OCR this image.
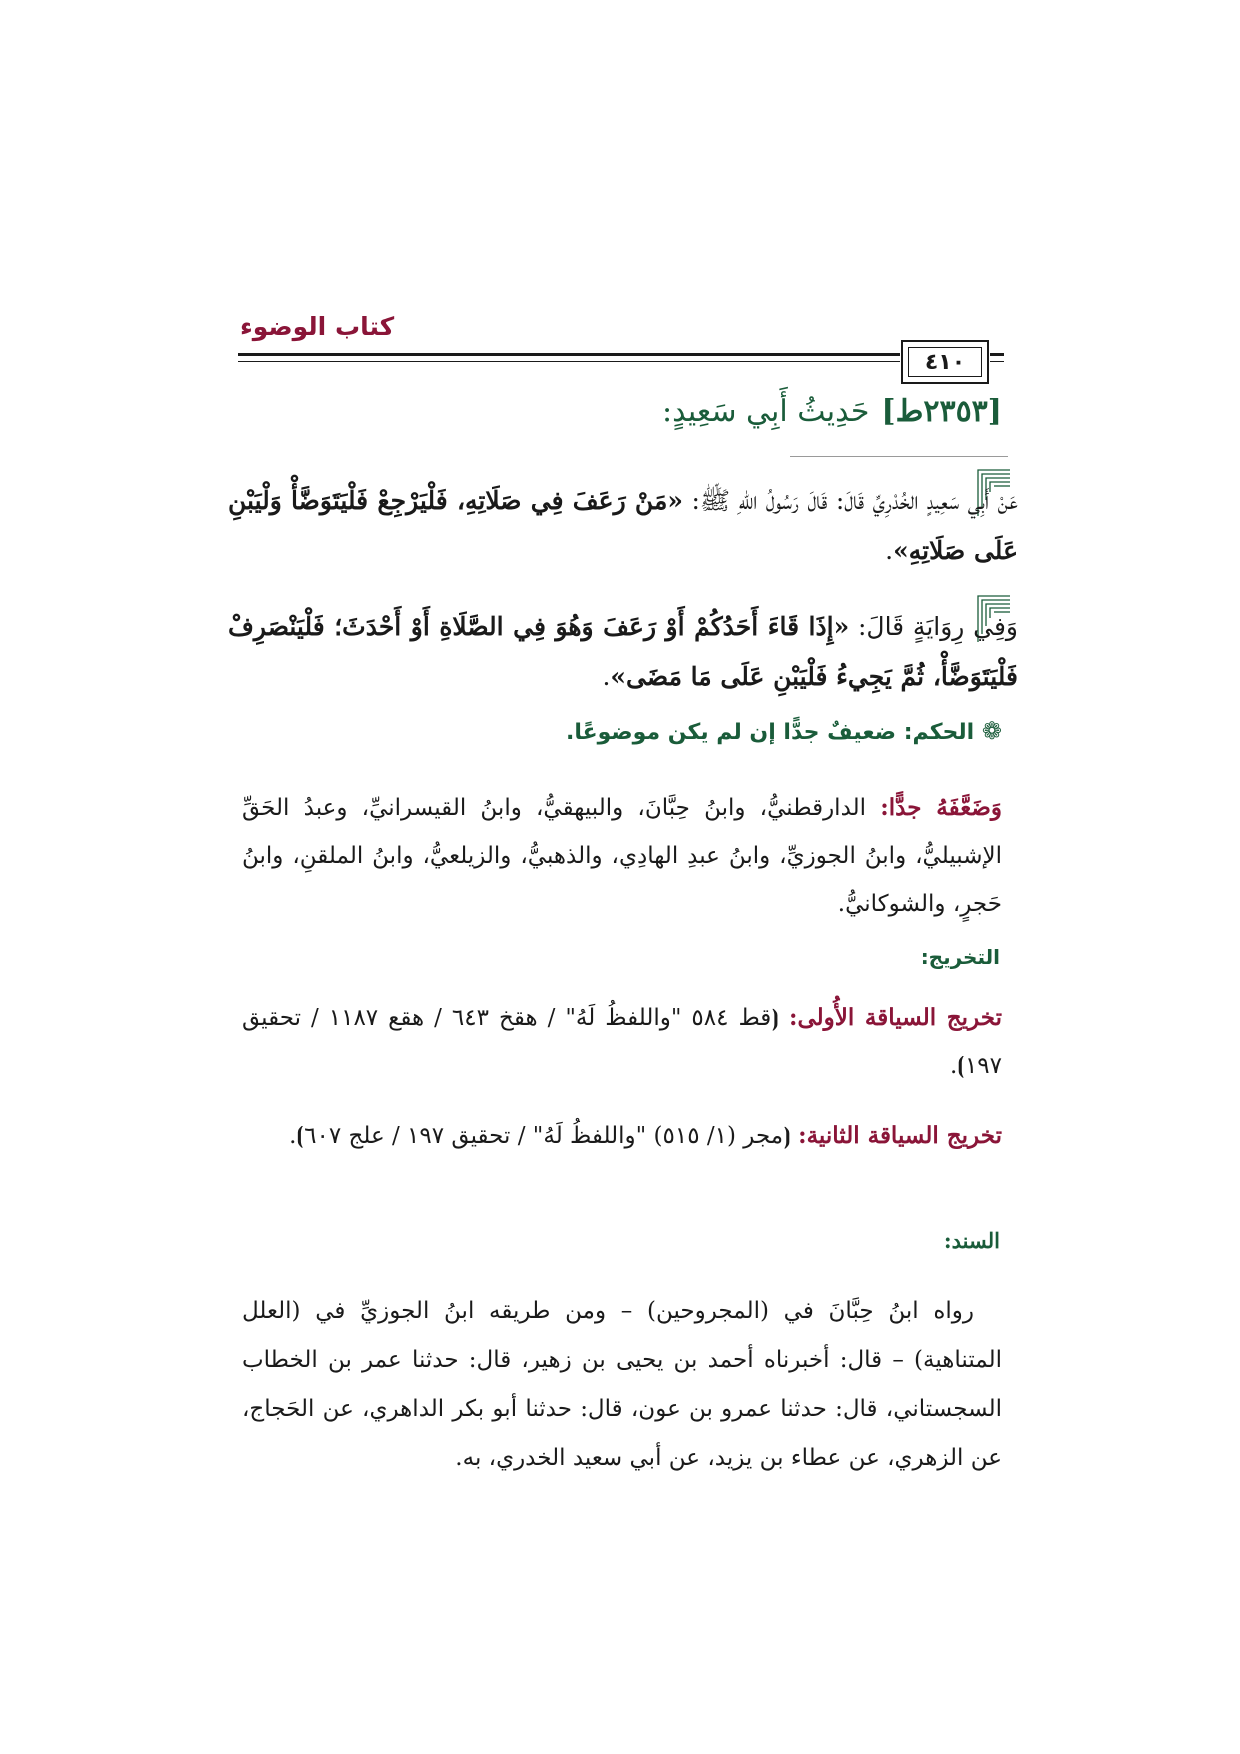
كتاب الوضوء
٤١٠
[٢٣٥٣ط]حَدِيثُ أَبِي سَعِيدٍ:
عَنْ أَبِي سَعِيدٍ الخُدْرِيِّ قَالَ: قَالَ رَسُولُ اللهِ ﷺ: «مَنْ رَعَفَ فِي صَلَاتِهِ، فَلْيَرْجِعْ فَلْيَتَوَضَّأْ وَلْيَبْنِ عَلَى صَلَاتِهِ».
وَفِي رِوَايَةٍ قَالَ: «إِذَا قَاءَ أَحَدُكُمْ أَوْ رَعَفَ وَهُوَ فِي الصَّلَاةِ أَوْ أَحْدَثَ؛ فَلْيَنْصَرِفْ فَلْيَتَوَضَّأْ، ثُمَّ يَجِيءُ فَلْيَبْنِ عَلَى مَا مَضَى».
❁ الحكم: ضعيفٌ جدًّا إن لم يكن موضوعًا.
وَضَعَّفَهُ جدًّا: الدارقطنيُّ، وابنُ حِبَّانَ، والبيهقيُّ، وابنُ القيسرانيِّ، وعبدُ الحَقِّ الإشبيليُّ، وابنُ الجوزيِّ، وابنُ عبدِ الهادِي، والذهبيُّ، والزيلعيُّ، وابنُ الملقنِ، وابنُ حَجرٍ، والشوكانيُّ.
التخريج:
تخريج السياقة الأُولى: ⦗قط ٥٨٤ "واللفظُ لَهُ" / هقخ ٦٤٣ / هقع ١١٨٧ / تحقيق ١٩٧⦘.
تخريج السياقة الثانية: ⦗مجر (١/ ٥١٥) "واللفظُ لَهُ" / تحقيق ١٩٧ / علج ٦٠٧⦘.
السند:
رواه ابنُ حِبَّانَ في (المجروحين) – ومن طريقه ابنُ الجوزيِّ في (العلل المتناهية) – قال: أخبرناه أحمد بن يحيى بن زهير، قال: حدثنا عمر بن الخطاب السجستاني، قال: حدثنا عمرو بن عون، قال: حدثنا أبو بكر الداهري، عن الحَجاج، عن الزهري، عن عطاء بن يزيد، عن أبي سعيد الخدري، به.
